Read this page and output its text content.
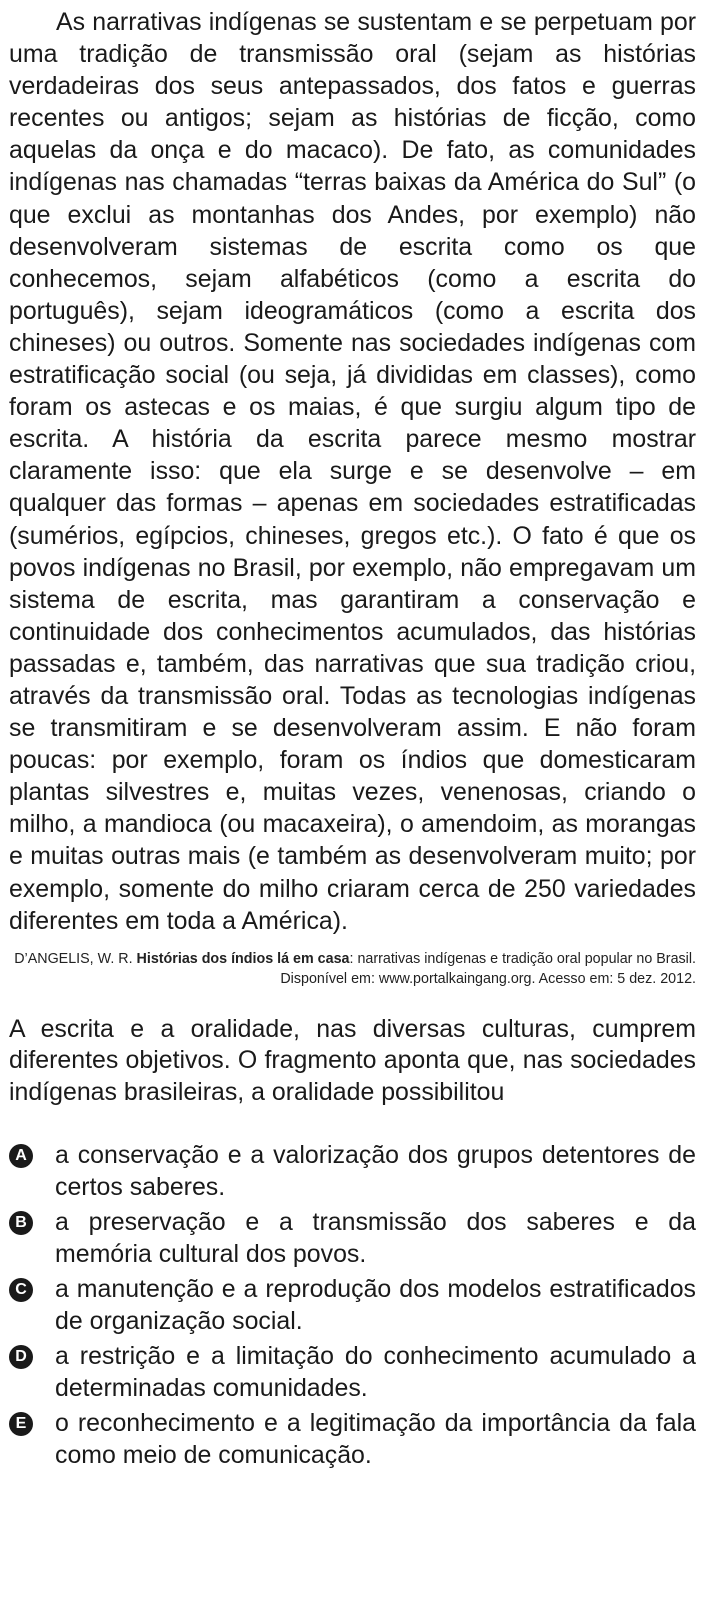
As narrativas indígenas se sustentam e se perpetuam por uma tradição de transmissão oral (sejam as histórias verdadeiras dos seus antepassados, dos fatos e guerras recentes ou antigos; sejam as histórias de ficção, como aquelas da onça e do macaco). De fato, as comunidades indígenas nas chamadas “terras baixas da América do Sul” (o que exclui as montanhas dos Andes, por exemplo) não desenvolveram sistemas de escrita como os que conhecemos, sejam alfabéticos (como a escrita do português), sejam ideogramáticos (como a escrita dos chineses) ou outros. Somente nas sociedades indígenas com estratificação social (ou seja, já divididas em classes), como foram os astecas e os maias, é que surgiu algum tipo de escrita. A história da escrita parece mesmo mostrar claramente isso: que ela surge e se desenvolve – em qualquer das formas – apenas em sociedades estratificadas (sumérios, egípcios, chineses, gregos etc.). O fato é que os povos indígenas no Brasil, por exemplo, não empregavam um sistema de escrita, mas garantiram a conservação e continuidade dos conhecimentos acumulados, das histórias passadas e, também, das narrativas que sua tradição criou, através da transmissão oral. Todas as tecnologias indígenas se transmitiram e se desenvolveram assim. E não foram poucas: por exemplo, foram os índios que domesticaram plantas silvestres e, muitas vezes, venenosas, criando o milho, a mandioca (ou macaxeira), o amendoim, as morangas e muitas outras mais (e também as desenvolveram muito; por exemplo, somente do milho criaram cerca de 250 variedades diferentes em toda a América).

D’ANGELIS, W. R. Histórias dos índios lá em casa: narrativas indígenas e tradição oral popular no Brasil. Disponível em: www.portalkaingang.org. Acesso em: 5 dez. 2012.

A escrita e a oralidade, nas diversas culturas, cumprem diferentes objetivos. O fragmento aponta que, nas sociedades indígenas brasileiras, a oralidade possibilitou

A a conservação e a valorização dos grupos detentores de certos saberes.
B a preservação e a transmissão dos saberes e da memória cultural dos povos.
C a manutenção e a reprodução dos modelos estratificados de organização social.
D a restrição e a limitação do conhecimento acumulado a determinadas comunidades.
E o reconhecimento e a legitimação da importância da fala como meio de comunicação.
